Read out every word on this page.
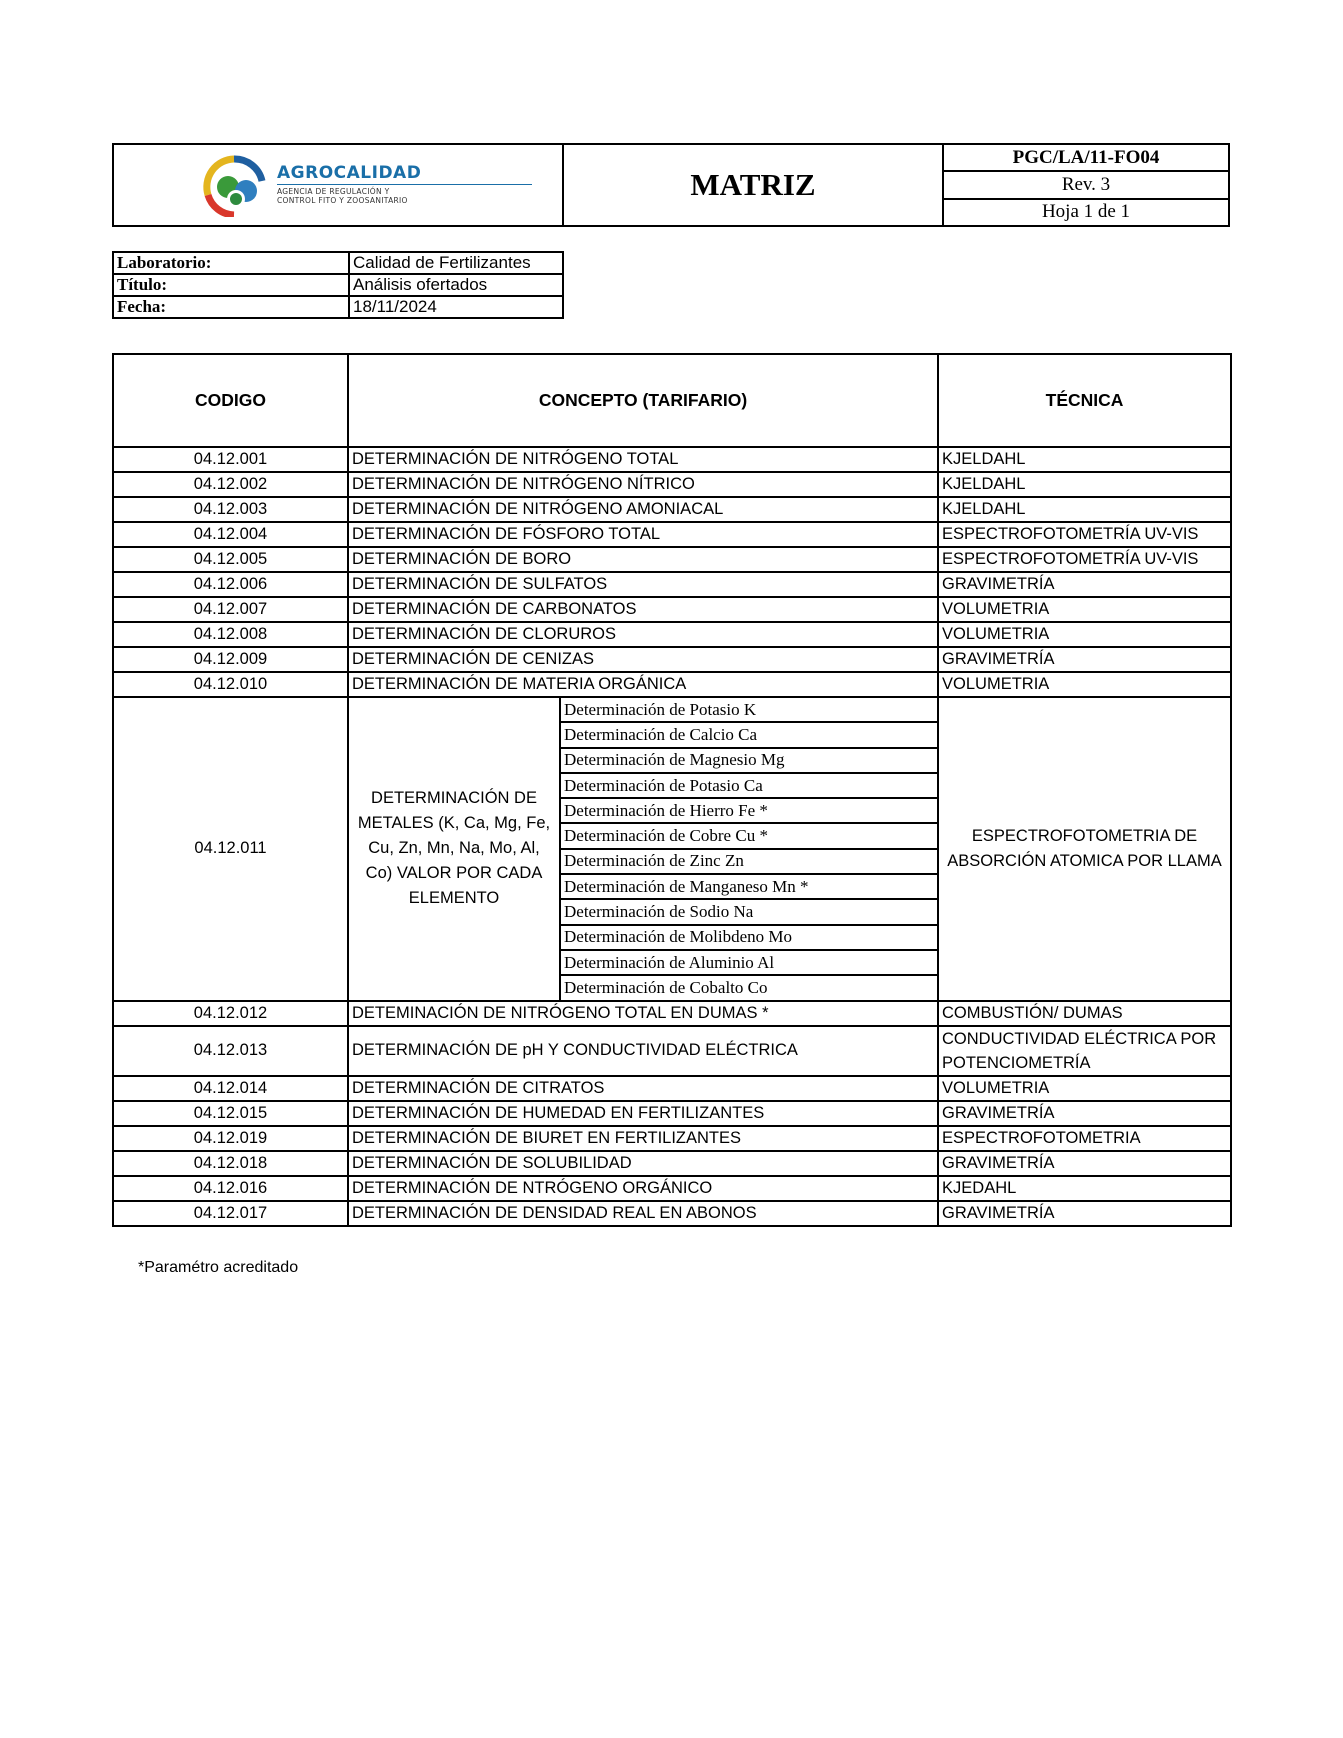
AGROCALIDAD
AGENCIA DE REGULACIÓN Y
CONTROL FITO Y ZOOSANITARIO	MATRIZ
PGC/LA/11-FO04
Rev. 3
Hoja 1 de 1
Laboratorio:	Calidad de Fertilizantes
Título:	Análisis ofertados
Fecha:	18/11/2024
CODIGO	CONCEPTO (TARIFARIO)		TÉCNICA
04.12.001	DETERMINACIÓN DE NITRÓGENO TOTAL		KJELDAHL
04.12.002	DETERMINACIÓN DE NITRÓGENO NÍTRICO		KJELDAHL
04.12.003	DETERMINACIÓN DE NITRÓGENO AMONIACAL		KJELDAHL
04.12.004	DETERMINACIÓN DE FÓSFORO TOTAL		ESPECTROFOTOMETRÍA UV-VIS
04.12.005	DETERMINACIÓN DE BORO		ESPECTROFOTOMETRÍA UV-VIS
04.12.006	DETERMINACIÓN DE SULFATOS		GRAVIMETRÍA
04.12.007	DETERMINACIÓN DE CARBONATOS		VOLUMETRIA
04.12.008	DETERMINACIÓN DE CLORUROS		VOLUMETRIA
04.12.009	DETERMINACIÓN DE CENIZAS		GRAVIMETRÍA
04.12.010	DETERMINACIÓN DE MATERIA ORGÁNICA		VOLUMETRIA
04.12.011	DETERMINACIÓN DE METALES (K, Ca, Mg, Fe, Cu, Zn, Mn, Na, Mo, Al, Co) VALOR POR CADA ELEMENTO	Determinación de Potasio K	ESPECTROFOTOMETRIA DE ABSORCIÓN ATOMICA POR LLAMA
		Determinación de Calcio Ca	
		Determinación de Magnesio Mg	
		Determinación de Potasio Ca	
		Determinación de Hierro Fe *	
		Determinación de Cobre Cu *	
		Determinación de Zinc Zn	
		Determinación de Manganeso Mn *	
		Determinación de Sodio Na	
		Determinación de Molibdeno Mo	
		Determinación de Aluminio Al	
		Determinación de Cobalto Co	
04.12.012	DETEMINACIÓN DE NITRÓGENO TOTAL EN DUMAS *		COMBUSTIÓN/ DUMAS
04.12.013	DETERMINACIÓN DE pH Y CONDUCTIVIDAD ELÉCTRICA		CONDUCTIVIDAD ELÉCTRICA POR POTENCIOMETRÍA
04.12.014	DETERMINACIÓN DE CITRATOS		VOLUMETRIA
04.12.015	DETERMINACIÓN DE HUMEDAD EN FERTILIZANTES		GRAVIMETRÍA
04.12.019	DETERMINACIÓN DE BIURET EN FERTILIZANTES		ESPECTROFOTOMETRIA
04.12.018	DETERMINACIÓN DE SOLUBILIDAD		GRAVIMETRÍA
04.12.016	DETERMINACIÓN DE NTRÓGENO ORGÁNICO		KJEDAHL
04.12.017	DETERMINACIÓN DE DENSIDAD REAL EN ABONOS		GRAVIMETRÍA
*Paramétro acreditado
